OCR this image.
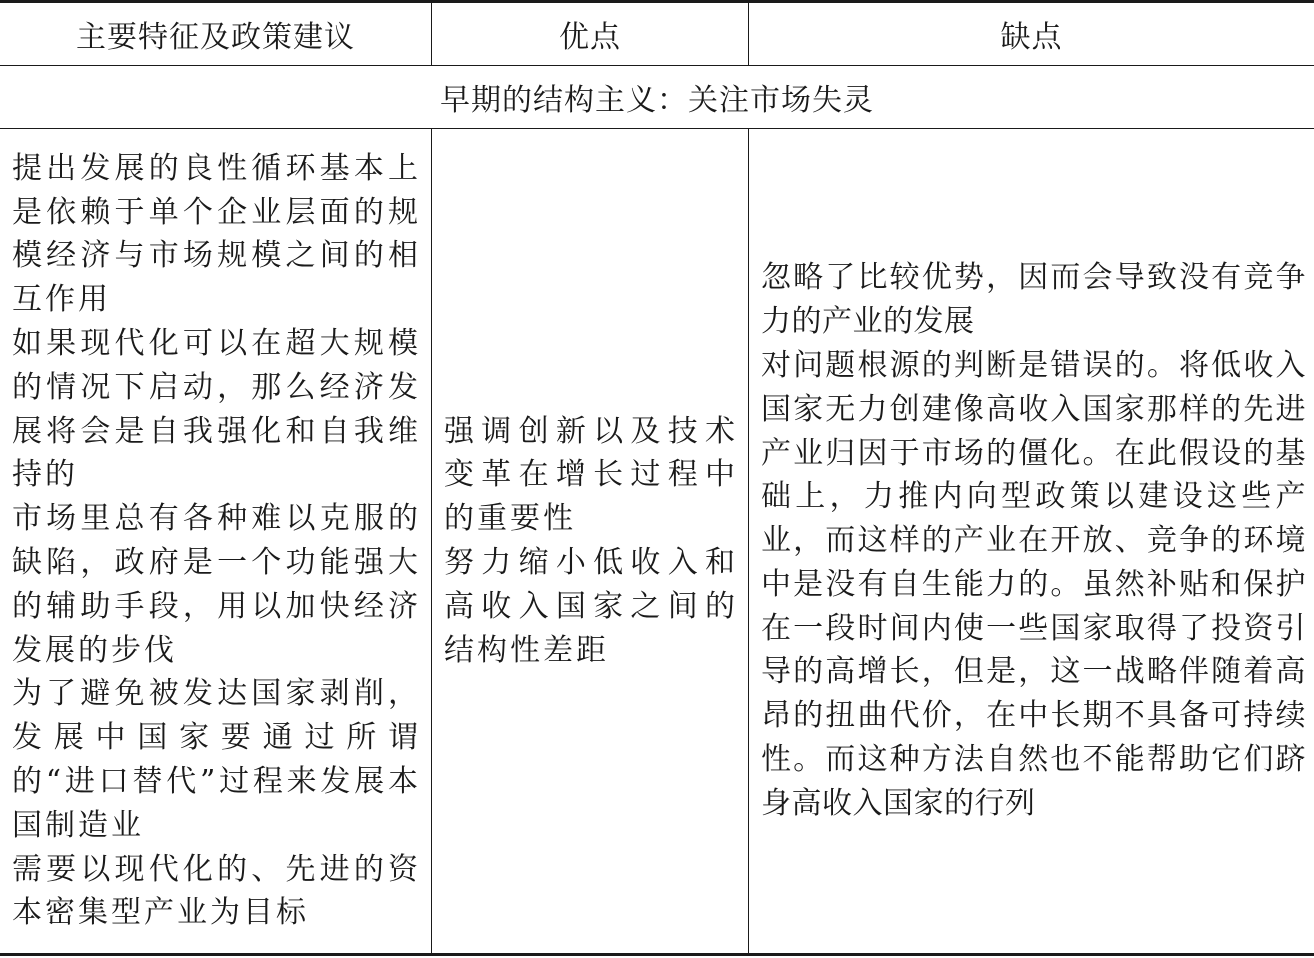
主要特征及政策建议	优点	缺点
早期的结构主义：关注市场失灵
提出发展的良性循环基本上是依赖于单个企业层面的规模经济与市场规模之间的相互作用
如果现代化可以在超大规模的情况下启动，那么经济发展将会是自我强化和自我维持的
市场里总有各种难以克服的缺陷，政府是一个功能强大的辅助手段，用以加快经济发展的步伐
为了避免被发达国家剥削，发展中国家要通过所谓的“进口替代”过程来发展本国制造业
需要以现代化的、先进的资本密集型产业为目标
强调创新以及技术变革在增长过程中的重要性
努力缩小低收入和高收入国家之间的结构性差距
忽略了比较优势，因而会导致没有竞争力的产业的发展
对问题根源的判断是错误的。将低收入国家无力创建像高收入国家那样的先进产业归因于市场的僵化。在此假设的基础上，力推内向型政策以建设这些产业，而这样的产业在开放、竞争的环境中是没有自生能力的。虽然补贴和保护在一段时间内使一些国家取得了投资引导的高增长，但是，这一战略伴随着高昂的扭曲代价，在中长期不具备可持续性。而这种方法自然也不能帮助它们跻身高收入国家的行列
